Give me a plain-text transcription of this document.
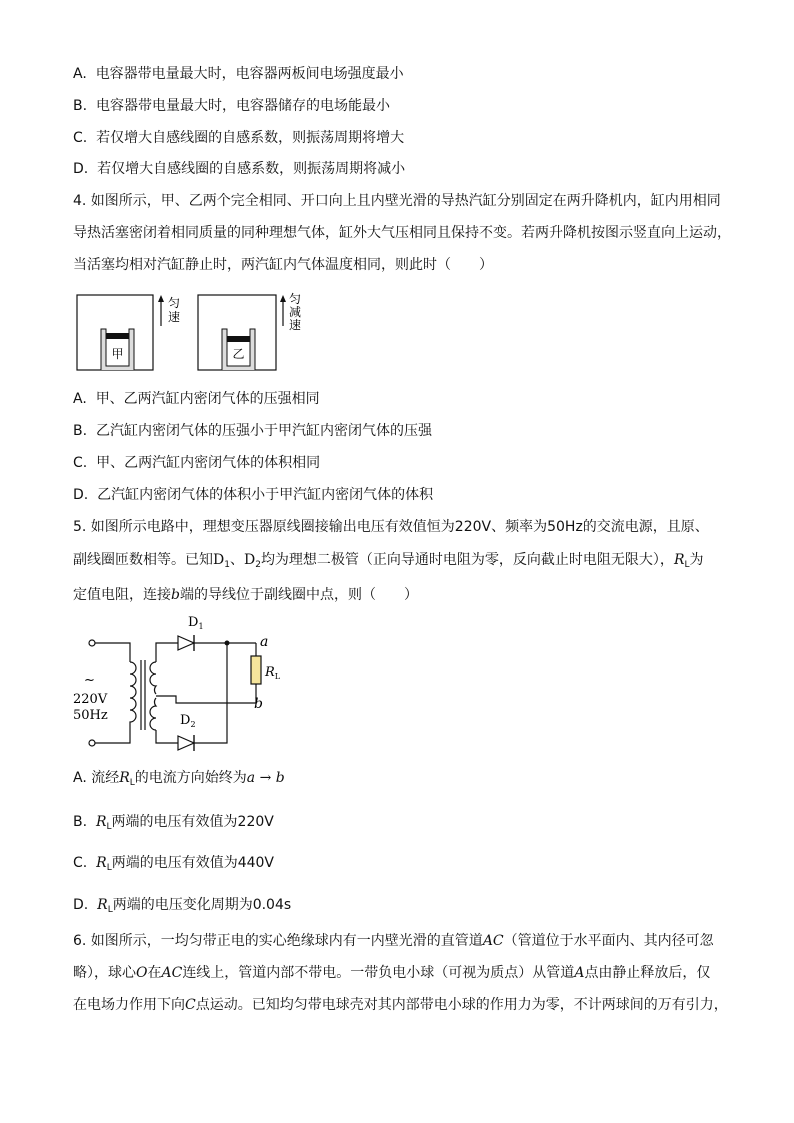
A. 电容器带电量最大时，电容器两板间电场强度最小
B. 电容器带电量最大时，电容器储存的电场能最小
C. 若仅增大自感线圈的自感系数，则振荡周期将增大
D. 若仅增大自感线圈的自感系数，则振荡周期将减小
4. 如图所示，甲、乙两个完全相同、开口向上且内壁光滑的导热汽缸分别固定在两升降机内，缸内用相同
导热活塞密闭着相同质量的同种理想气体，缸外大气压相同且保持不变。若两升降机按图示竖直向上运动，
当活塞均相对汽缸静止时，两汽缸内气体温度相同，则此时（　　）
甲
匀
速
乙
匀
减
速
A. 甲、乙两汽缸内密闭气体的压强相同
B. 乙汽缸内密闭气体的压强小于甲汽缸内密闭气体的压强
C. 甲、乙两汽缸内密闭气体的体积相同
D. 乙汽缸内密闭气体的体积小于甲汽缸内密闭气体的体积
5. 如图所示电路中，理想变压器原线圈接输出电压有效值恒为220V、频率为50Hz的交流电源，且原、
副线圈匝数相等。已知$D_1$、$D_2$均为理想二极管（正向导通时电阻为零，反向截止时电阻无限大），$R_L$为
定值电阻，连接b端的导线位于副线圈中点，则（　　）
$D_1$
$D_2$
a
b
$R_L$
~
220V
50Hz
A. 流经$R_L$的电流方向始终为a → b
B. $R_L$两端的电压有效值为220V
C. $R_L$两端的电压有效值为440V
D. $R_L$两端的电压变化周期为0.04s
6. 如图所示，一均匀带正电的实心绝缘球内有一内壁光滑的直管道AC（管道位于水平面内、其内径可忽
略），球心O在AC连线上，管道内部不带电。一带负电小球（可视为质点）从管道A点由静止释放后，仅
在电场力作用下向C点运动。已知均匀带电球壳对其内部带电小球的作用力为零，不计两球间的万有引力，
